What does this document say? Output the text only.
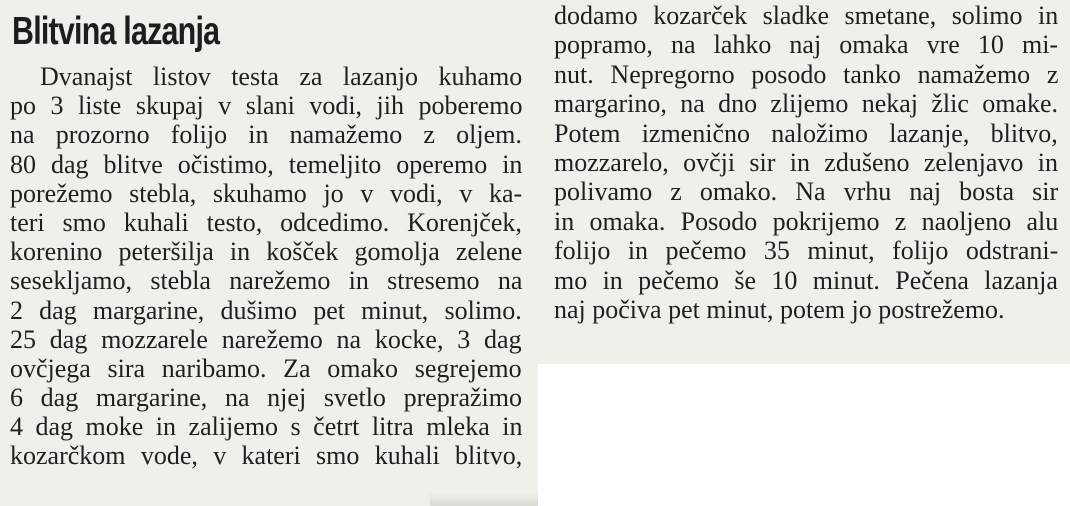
Blitvina lazanja
Dvanajst listov testa za lazanjo kuhamo
po 3 liste skupaj v slani vodi, jih poberemo
na prozorno folijo in namažemo z oljem.
80 dag blitve očistimo, temeljito operemo in
porežemo stebla, skuhamo jo v vodi, v ka-
teri smo kuhali testo, odcedimo. Korenjček,
korenino peteršilja in košček gomolja zelene
sesekljamo, stebla narežemo in stresemo na
2 dag margarine, dušimo pet minut, solimo.
25 dag mozzarele narežemo na kocke, 3 dag
ovčjega sira naribamo. Za omako segrejemo
6 dag margarine, na njej svetlo prepražimo
4 dag moke in zalijemo s četrt litra mleka in
kozarčkom vode, v kateri smo kuhali blitvo,
dodamo kozarček sladke smetane, solimo in
popramo, na lahko naj omaka vre 10 mi-
nut. Nepregorno posodo tanko namažemo z
margarino, na dno zlijemo nekaj žlic omake.
Potem izmenično naložimo lazanje, blitvo,
mozzarelo, ovčji sir in zdušeno zelenjavo in
polivamo z omako. Na vrhu naj bosta sir
in omaka. Posodo pokrijemo z naoljeno alu
folijo in pečemo 35 minut, folijo odstrani-
mo in pečemo še 10 minut. Pečena lazanja
naj počiva pet minut, potem jo postrežemo.
